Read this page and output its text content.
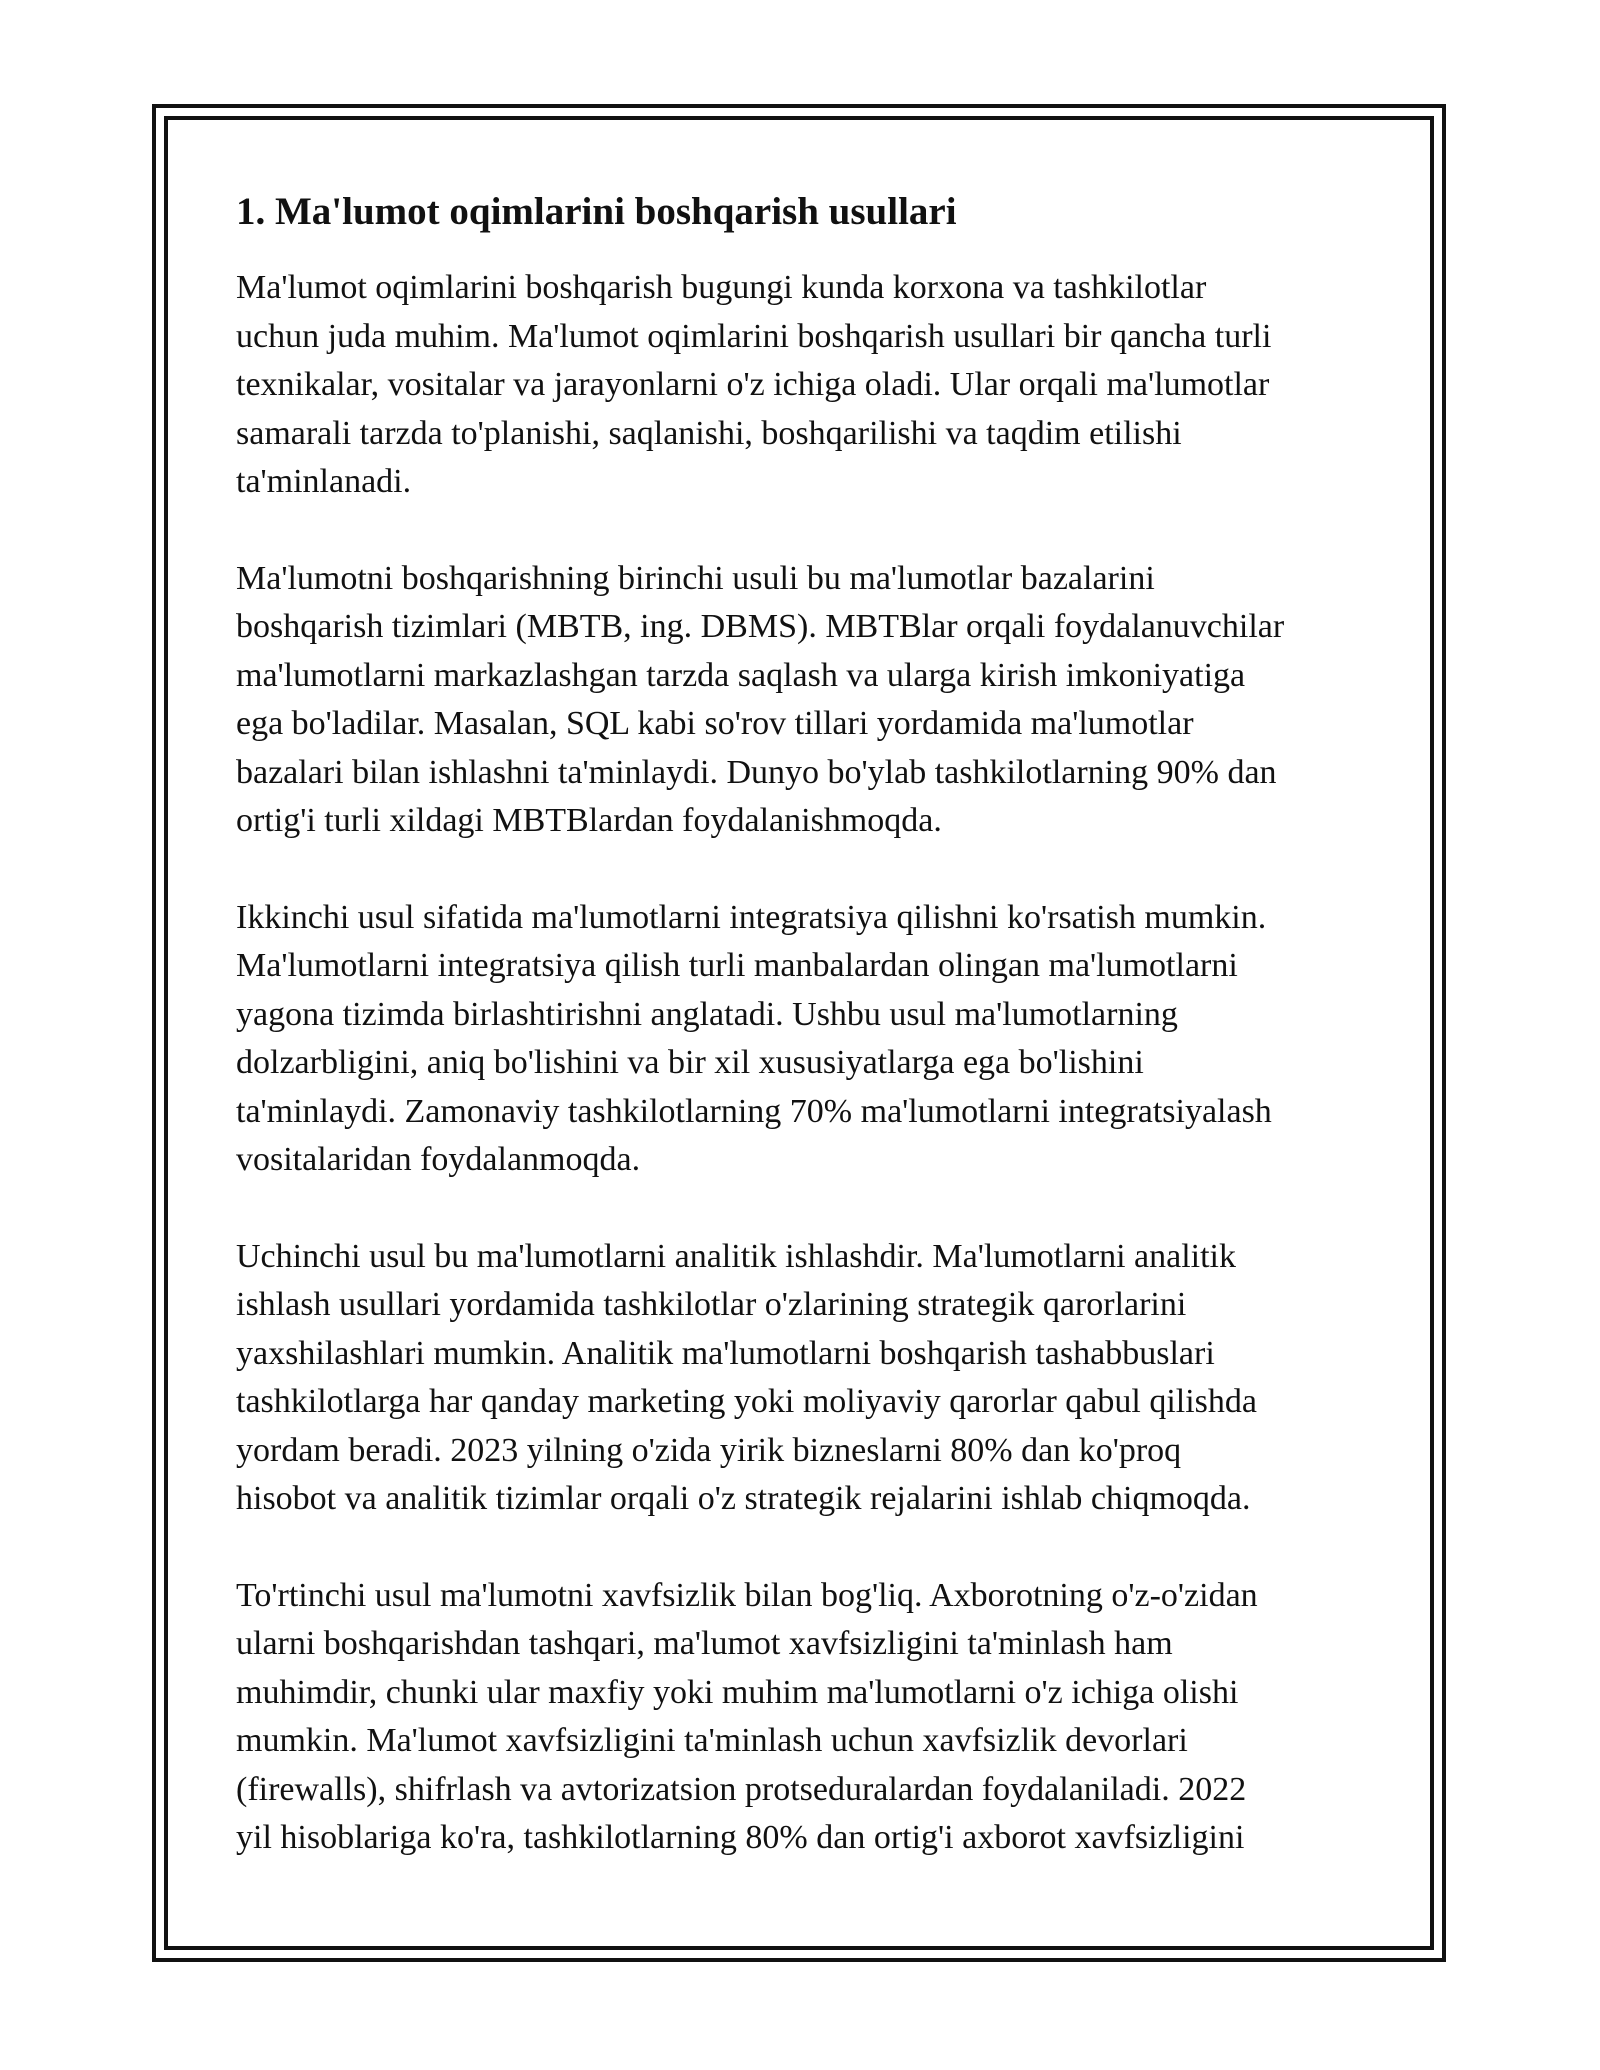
1. Ma'lumot oqimlarini boshqarish usullari

Ma'lumot oqimlarini boshqarish bugungi kunda korxona va tashkilotlar
uchun juda muhim. Ma'lumot oqimlarini boshqarish usullari bir qancha turli
texnikalar, vositalar va jarayonlarni o'z ichiga oladi. Ular orqali ma'lumotlar
samarali tarzda to'planishi, saqlanishi, boshqarilishi va taqdim etilishi
ta'minlanadi.

Ma'lumotni boshqarishning birinchi usuli bu ma'lumotlar bazalarini
boshqarish tizimlari (MBTB, ing. DBMS). MBTBlar orqali foydalanuvchilar
ma'lumotlarni markazlashgan tarzda saqlash va ularga kirish imkoniyatiga
ega bo'ladilar. Masalan, SQL kabi so'rov tillari yordamida ma'lumotlar
bazalari bilan ishlashni ta'minlaydi. Dunyo bo'ylab tashkilotlarning 90% dan
ortig'i turli xildagi MBTBlardan foydalanishmoqda.

Ikkinchi usul sifatida ma'lumotlarni integratsiya qilishni ko'rsatish mumkin.
Ma'lumotlarni integratsiya qilish turli manbalardan olingan ma'lumotlarni
yagona tizimda birlashtirishni anglatadi. Ushbu usul ma'lumotlarning
dolzarbligini, aniq bo'lishini va bir xil xususiyatlarga ega bo'lishini
ta'minlaydi. Zamonaviy tashkilotlarning 70% ma'lumotlarni integratsiyalash
vositalaridan foydalanmoqda.

Uchinchi usul bu ma'lumotlarni analitik ishlashdir. Ma'lumotlarni analitik
ishlash usullari yordamida tashkilotlar o'zlarining strategik qarorlarini
yaxshilashlari mumkin. Analitik ma'lumotlarni boshqarish tashabbuslari
tashkilotlarga har qanday marketing yoki moliyaviy qarorlar qabul qilishda
yordam beradi. 2023 yilning o'zida yirik bizneslarni 80% dan ko'proq
hisobot va analitik tizimlar orqali o'z strategik rejalarini ishlab chiqmoqda.

To'rtinchi usul ma'lumotni xavfsizlik bilan bog'liq. Axborotning o'z-o'zidan
ularni boshqarishdan tashqari, ma'lumot xavfsizligini ta'minlash ham
muhimdir, chunki ular maxfiy yoki muhim ma'lumotlarni o'z ichiga olishi
mumkin. Ma'lumot xavfsizligini ta'minlash uchun xavfsizlik devorlari
(firewalls), shifrlash va avtorizatsion protseduralardan foydalaniladi. 2022
yil hisoblariga ko'ra, tashkilotlarning 80% dan ortig'i axborot xavfsizligini
